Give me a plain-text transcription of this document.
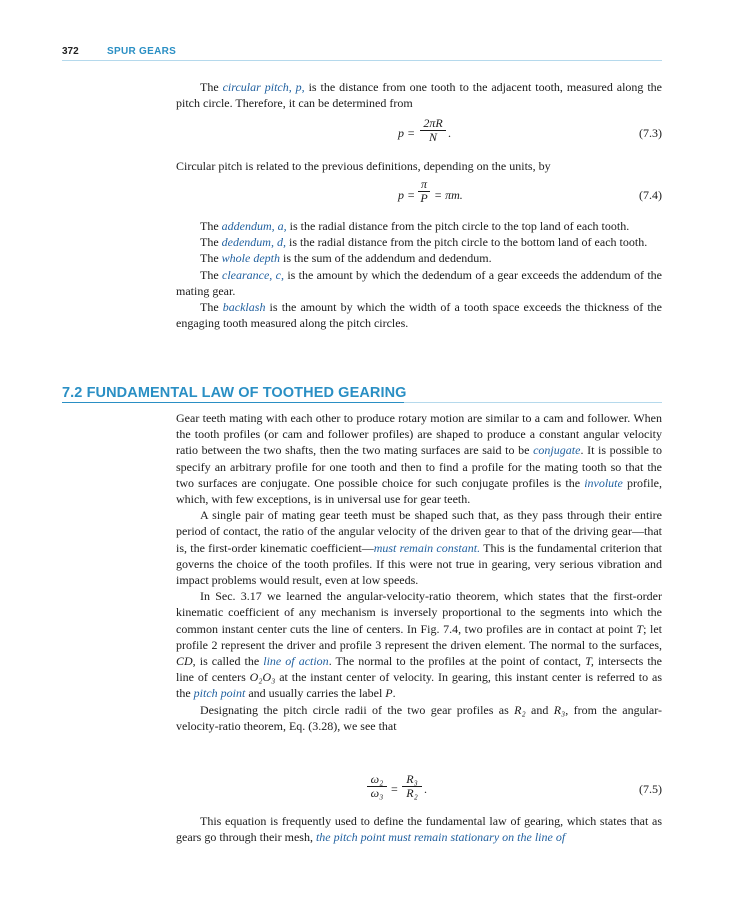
372	SPUR GEARS

The circular pitch, p, is the distance from one tooth to the adjacent tooth, measured along the pitch circle. Therefore, it can be determined from

p =
2πR
N .	(7.3)

Circular pitch is related to the previous definitions, depending on the units, by

p =
π
P = πm.	(7.4)

The addendum, a, is the radial distance from the pitch circle to the top land of each tooth.

The dedendum, d, is the radial distance from the pitch circle to the bottom land of each tooth.

The whole depth is the sum of the addendum and dedendum.

The clearance, c, is the amount by which the dedendum of a gear exceeds the addendum of the mating gear.

The backlash is the amount by which the width of a tooth space exceeds the thickness of the engaging tooth measured along the pitch circles.

7.2 FUNDAMENTAL LAW OF TOOTHED GEARING

Gear teeth mating with each other to produce rotary motion are similar to a cam and follower. When the tooth profiles (or cam and follower profiles) are shaped to produce a constant angular velocity ratio between the two shafts, then the two mating surfaces are said to be conjugate. It is possible to specify an arbitrary profile for one tooth and then to find a profile for the mating tooth so that the two surfaces are conjugate. One possible choice for such conjugate profiles is the involute profile, which, with few exceptions, is in universal use for gear teeth.

A single pair of mating gear teeth must be shaped such that, as they pass through their entire period of contact, the ratio of the angular velocity of the driven gear to that of the driving gear—that is, the first-order kinematic coefficient—must remain constant. This is the fundamental criterion that governs the choice of the tooth profiles. If this were not true in gearing, very serious vibration and impact problems would result, even at low speeds.

In Sec. 3.17 we learned the angular-velocity-ratio theorem, which states that the first-order kinematic coefficient of any mechanism is inversely proportional to the segments into which the common instant center cuts the line of centers. In Fig. 7.4, two profiles are in contact at point T; let profile 2 represent the driver and profile 3 represent the driven element. The normal to the surfaces, CD, is called the line of action. The normal to the profiles at the point of contact, T, intersects the line of centers O₂O₃ at the instant center of velocity. In gearing, this instant center is referred to as the pitch point and usually carries the label P.

Designating the pitch circle radii of the two gear profiles as R₂ and R₃, from the angular-velocity-ratio theorem, Eq. (3.28), we see that

ω₂
ω₃ =
R₃
R₂ .	(7.5)

This equation is frequently used to define the fundamental law of gearing, which states that as gears go through their mesh, the pitch point must remain stationary on the line of
